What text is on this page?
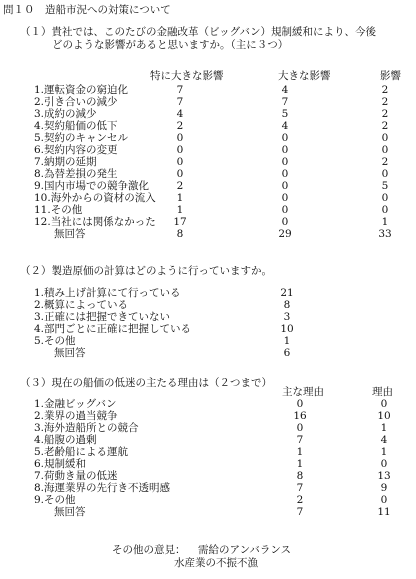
問１０　造船市況への対策について
（１）貴社では、このたびの金融改革（ビッグバン）規制緩和により、今後
どのような影響があると思いますか。（主に３つ）
特に大きな影響	大きな影響	影響
1.運転資金の窮迫化	7	4	2
2.引き合いの減少	7	7	2
3.成約の減少	4	5	2
4.契約船価の低下	2	4	2
5.契約のキャンセル	0	0	0
6.契約内容の変更	0	0	0
7.納期の延期	0	0	2
8.為替差損の発生	0	0	0
9.国内市場での競争激化	2	0	5
10.海外からの資材の流入	1	0	0
11.その他	1	0	0
12.当社には関係なかった	17	0	1
無回答	8	29	33
（２）製造原価の計算はどのように行っていますか。
1.積み上げ計算にて行っている	21
2.概算によっている	8
3.正確には把握できていない	3
4.部門ごとに正確に把握している	10
5.その他	1
無回答	6
（３）現在の船価の低迷の主たる理由は（２つまで）
主な理由	理由
1.金融ビッグバン	0	0
2.業界の過当競争	16	10
3.海外造船所との競合	0	1
4.船腹の過剰	7	4
5.老齢船による運航	1	1
6.規制緩和	1	0
7.荷動き量の低迷	8	13
8.海運業界の先行き不透明感	7	9
9.その他	2	0
無回答	7	11
その他の意見： 需給のアンバランス
水産業の不振不漁
